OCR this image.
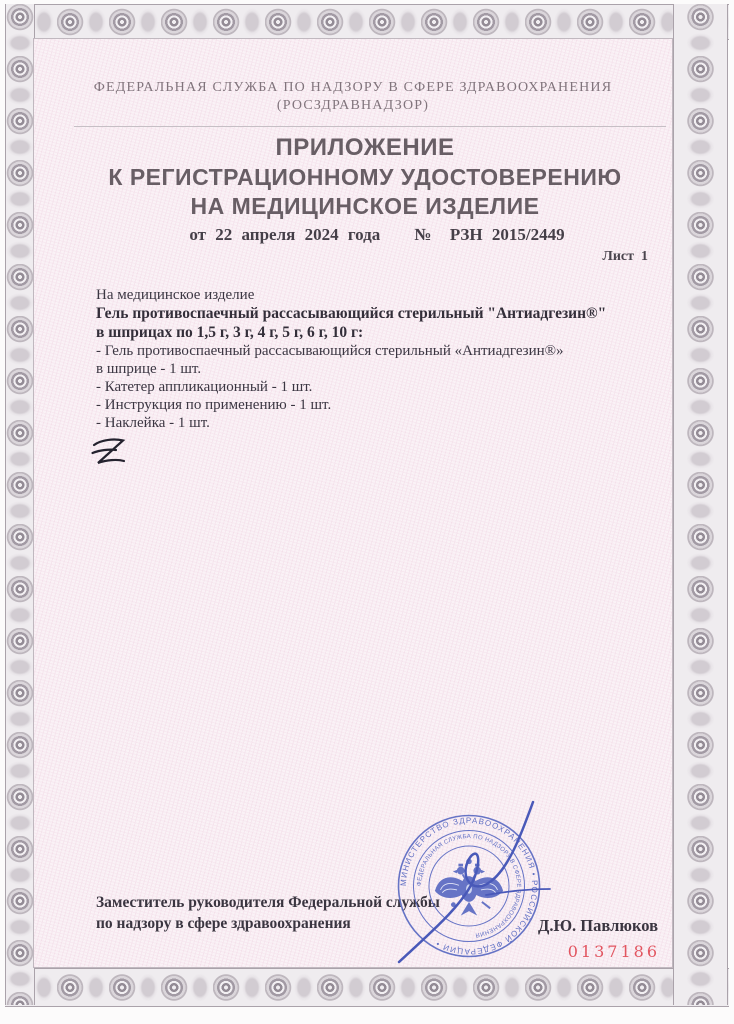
ФЕДЕРАЛЬНАЯ СЛУЖБА ПО НАДЗОРУ В СФЕРЕ ЗДРАВООХРАНЕНИЯ
(РОСЗДРАВНАДЗОР)
ПРИЛОЖЕНИЕ
К РЕГИСТРАЦИОННОМУ УДОСТОВЕРЕНИЮ
НА МЕДИЦИНСКОЕ ИЗДЕЛИЕ
от 22 апреля 2024 года №  РЗН 2015/2449
Лист  1
На медицинское изделие
Гель противоспаечный рассасывающийся стерильный "Антиадгезин®"
в шприцах по 1,5 г, 3 г, 4 г, 5 г, 6 г, 10 г:
- Гель противоспаечный рассасывающийся стерильный «Антиадгезин®»
в шприце - 1 шт.
- Катетер аппликационный - 1 шт.
- Инструкция по применению - 1 шт.
- Наклейка - 1 шт.
Заместитель руководителя Федеральной службы
по надзору в сфере здравоохранения	Д.Ю. Павлюков
0137186
МИНИСТЕРСТВО ЗДРАВООХРАНЕНИЯ • РОССИЙСКОЙ ФЕДЕРАЦИИ •
ФЕДЕРАЛЬНАЯ СЛУЖБА ПО НАДЗОРУ В СФЕРЕ ЗДРАВООХРАНЕНИЯ
